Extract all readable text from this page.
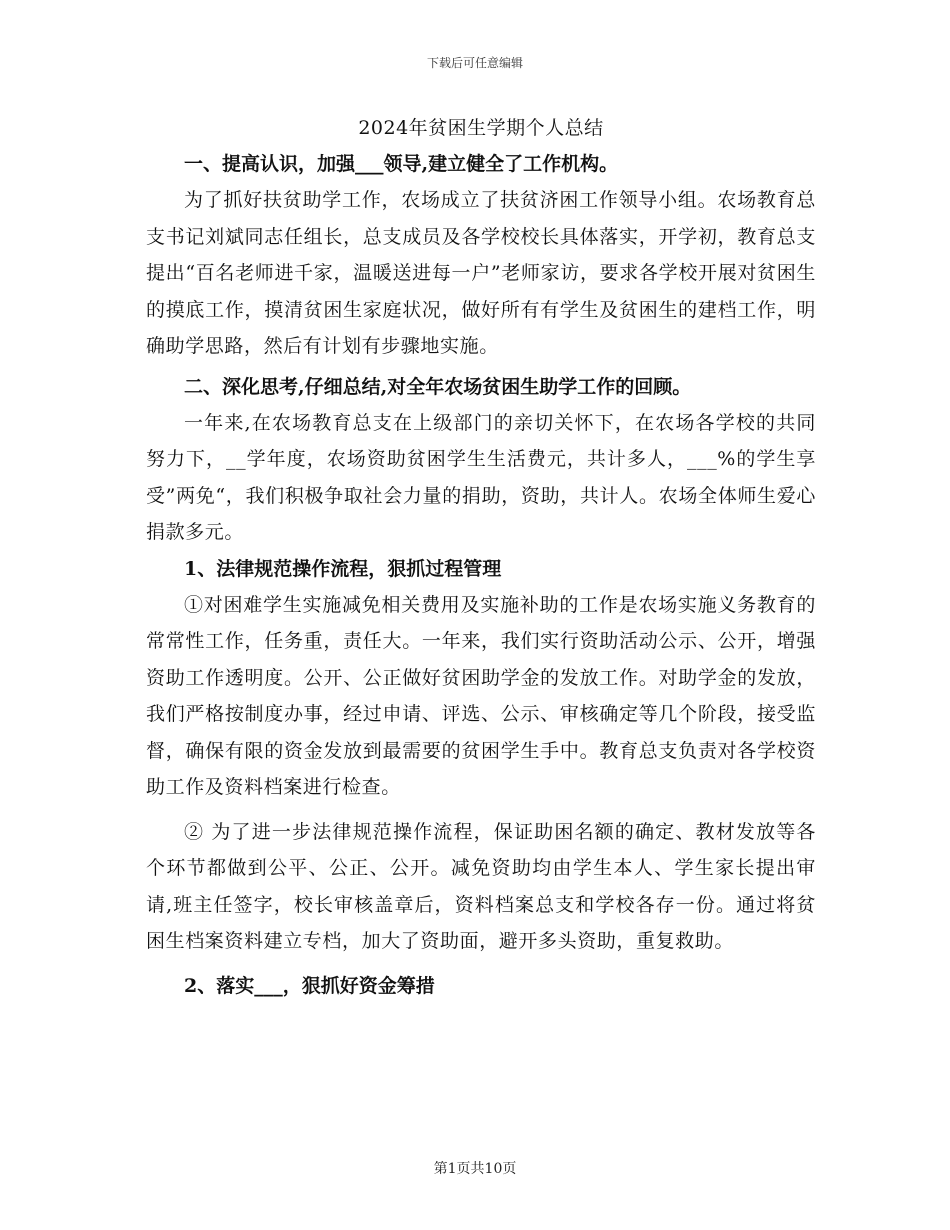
下载后可任意编辑
2024年贫困生学期个人总结

一、提高认识，加强___领导,建立健全了工作机构。

为了抓好扶贫助学工作，农场成立了扶贫济困工作领导小组。农场教育总支书记刘斌同志任组长，总支成员及各学校校长具体落实，开学初，教育总支提出“百名老师进千家，温暖送进每一户”老师家访，要求各学校开展对贫困生的摸底工作，摸清贫困生家庭状况，做好所有有学生及贫困生的建档工作，明确助学思路，然后有计划有步骤地实施。

二、深化思考,仔细总结,对全年农场贫困生助学工作的回顾。

一年来,在农场教育总支在上级部门的亲切关怀下，在农场各学校的共同努力下，__学年度，农场资助贫困学生生活费元，共计多人，___%的学生享受”两免“，我们积极争取社会力量的捐助，资助，共计人。农场全体师生爱心捐款多元。

1、法律规范操作流程，狠抓过程管理

①对困难学生实施减免相关费用及实施补助的工作是农场实施义务教育的常常性工作，任务重，责任大。一年来，我们实行资助活动公示、公开，增强资助工作透明度。公开、公正做好贫困助学金的发放工作。对助学金的发放，我们严格按制度办事，经过申请、评选、公示、审核确定等几个阶段，接受监督，确保有限的资金发放到最需要的贫困学生手中。教育总支负责对各学校资助工作及资料档案进行检查。

② 为了进一步法律规范操作流程，保证助困名额的确定、教材发放等各个环节都做到公平、公正、公开。减免资助均由学生本人、学生家长提出审请,班主任签字，校长审核盖章后，资料档案总支和学校各存一份。通过将贫困生档案资料建立专档，加大了资助面，避开多头资助，重复救助。

2、落实___，狠抓好资金筹措

第1页共10页
